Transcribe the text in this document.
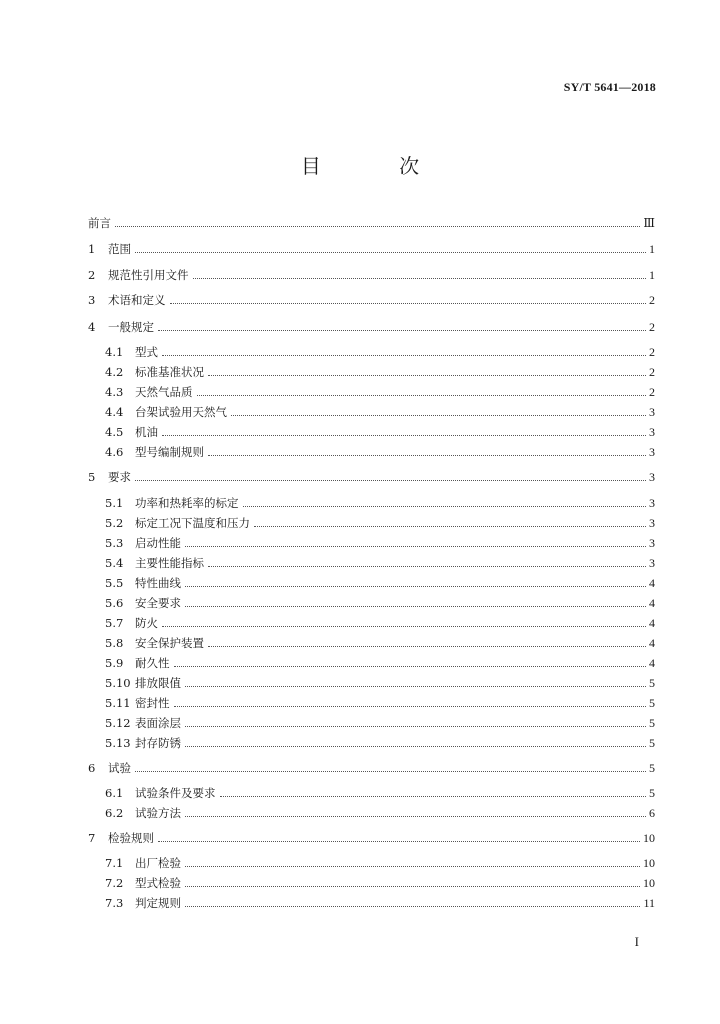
SY/T 5641—2018
目 次
前言	Ⅲ
1	范围	1
2	规范性引用文件	1
3	术语和定义	2
4	一般规定	2
4.1	型式	2
4.2	标准基准状况	2
4.3	天然气品质	2
4.4	台架试验用天然气	3
4.5	机油	3
4.6	型号编制规则	3
5	要求	3
5.1	功率和热耗率的标定	3
5.2	标定工况下温度和压力	3
5.3	启动性能	3
5.4	主要性能指标	3
5.5	特性曲线	4
5.6	安全要求	4
5.7	防火	4
5.8	安全保护装置	4
5.9	耐久性	4
5.10 排放限值	5
5.11 密封性	5
5.12 表面涂层	5
5.13 封存防锈	5
6	试验	5
6.1	试验条件及要求	5
6.2	试验方法	6
7	检验规则	10
7.1	出厂检验	10
7.2	型式检验	10
7.3	判定规则	11
I
